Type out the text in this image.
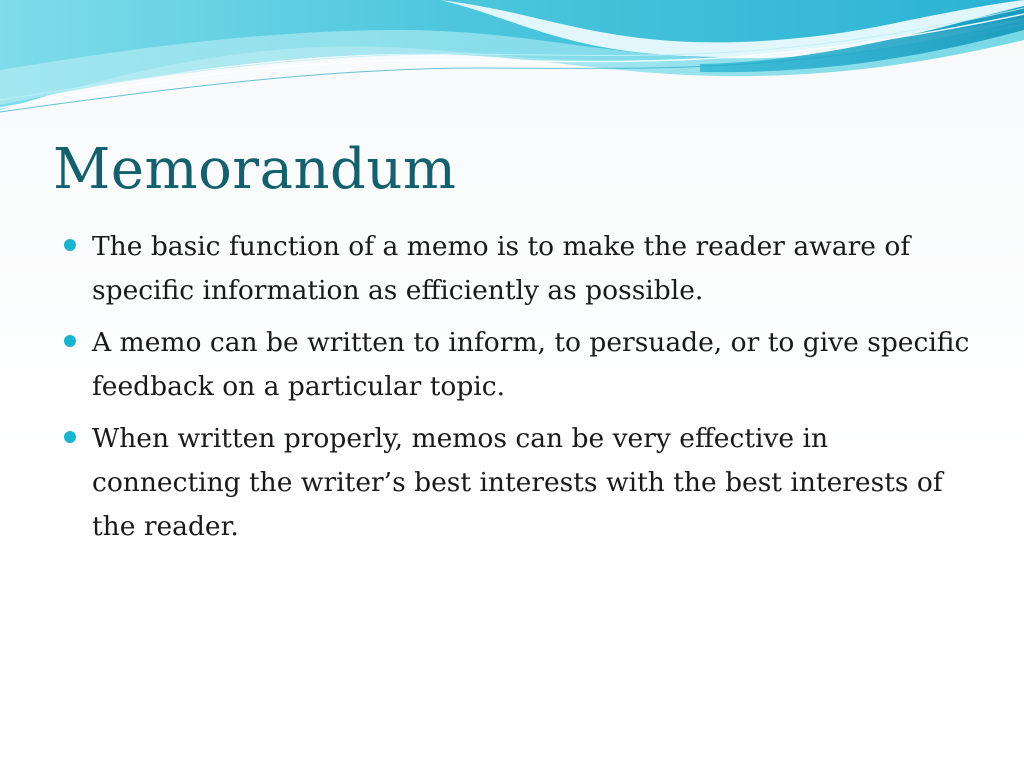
Memorandum
The basic function of a memo is to make the reader aware of specific information as efficiently as possible.
A memo can be written to inform, to persuade, or to give specific feedback on a particular topic.
When written properly, memos can be very effective in connecting the writer’s best interests with the best interests of the reader.
